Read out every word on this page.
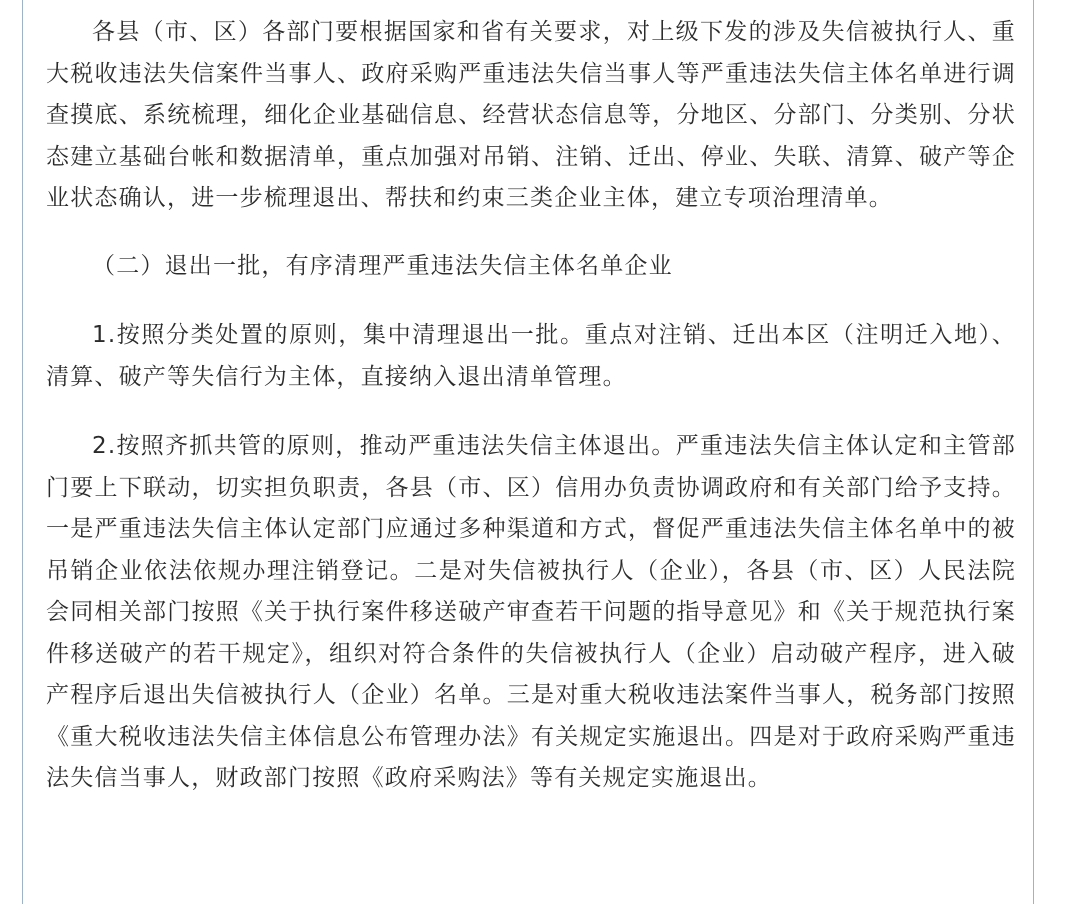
各县（市、区）各部门要根据国家和省有关要求，对上级下发的涉及失信被执行人、重大税收违法失信案件当事人、政府采购严重违法失信当事人等严重违法失信主体名单进行调查摸底、系统梳理，细化企业基础信息、经营状态信息等，分地区、分部门、分类别、分状态建立基础台帐和数据清单，重点加强对吊销、注销、迁出、停业、失联、清算、破产等企业状态确认，进一步梳理退出、帮扶和约束三类企业主体，建立专项治理清单。

（二）退出一批，有序清理严重违法失信主体名单企业

1.按照分类处置的原则，集中清理退出一批。重点对注销、迁出本区（注明迁入地）、清算、破产等失信行为主体，直接纳入退出清单管理。

2.按照齐抓共管的原则，推动严重违法失信主体退出。严重违法失信主体认定和主管部门要上下联动，切实担负职责，各县（市、区）信用办负责协调政府和有关部门给予支持。一是严重违法失信主体认定部门应通过多种渠道和方式，督促严重违法失信主体名单中的被吊销企业依法依规办理注销登记。二是对失信被执行人（企业），各县（市、区）人民法院会同相关部门按照《关于执行案件移送破产审查若干问题的指导意见》和《关于规范执行案件移送破产的若干规定》，组织对符合条件的失信被执行人（企业）启动破产程序，进入破产程序后退出失信被执行人（企业）名单。三是对重大税收违法案件当事人，税务部门按照《重大税收违法失信主体信息公布管理办法》有关规定实施退出。四是对于政府采购严重违法失信当事人，财政部门按照《政府采购法》等有关规定实施退出。
